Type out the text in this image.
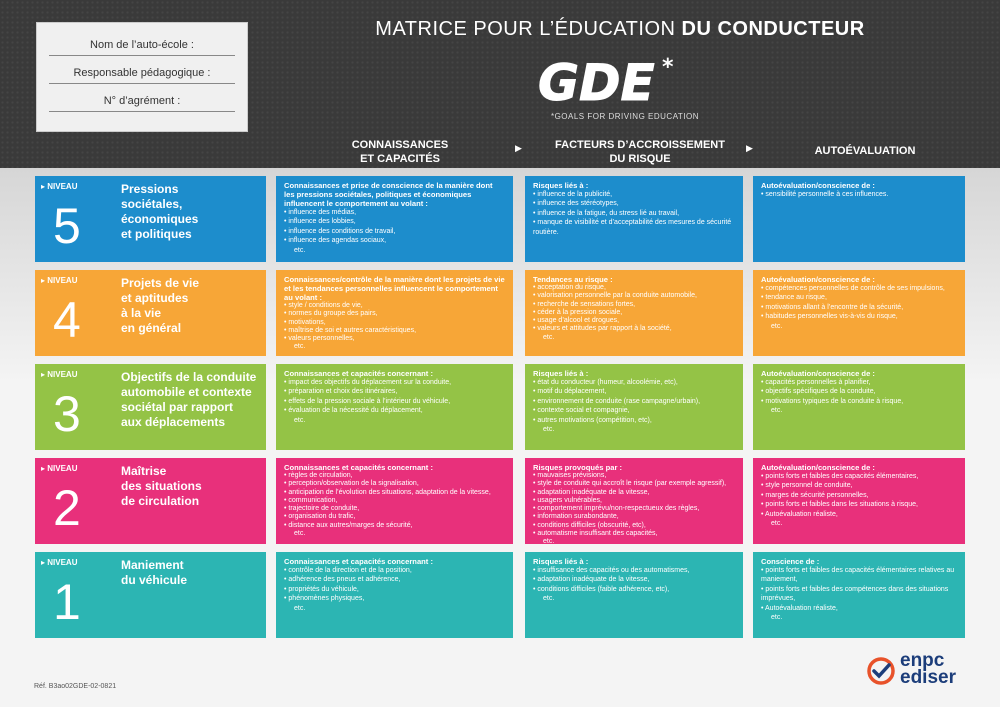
Nom de l’auto-école :
Responsable pédagogique :
N° d’agrément :
MATRICE POUR L’ÉDUCATION DU CONDUCTEUR
GDE *
*GOALS FOR DRIVING EDUCATION
CONNAISSANCES
ET CAPACITÉS
▶	FACTEURS D’ACCROISSEMENT
DU RISQUE
▶	AUTOÉVALUATION
▸ NIVEAU
5
Pressions
sociétales,
économiques
et politiques
Connaissances et prise de conscience de la manière dont les pressions sociétales, politiques et économiques influencent le comportement au volant :
• influence des médias,
• influence des lobbies,
• influence des conditions de travail,
• influence des agendas sociaux,
etc.
Risques liés à :
• influence de la publicité,
• influence des stéréotypes,
• influence de la fatigue, du stress lié au travail,
• manque de visibilité et d’acceptabilité des mesures de sécurité routière.
Autoévaluation/conscience de :
• sensibilité personnelle à ces influences.
▸ NIVEAU
4
Projets de vie
et aptitudes
à la vie
en général
Connaissances/contrôle de la manière dont les projets de vie et les tendances personnelles influencent le comportement au volant :
• style / conditions de vie,
• normes du groupe des pairs,
• motivations,
• maîtrise de soi et autres caractéristiques,
• valeurs personnelles,
etc.
Tendances au risque :
• acceptation du risque,
• valorisation personnelle par la conduite automobile,
• recherche de sensations fortes,
• céder à la pression sociale,
• usage d’alcool et drogues,
• valeurs et attitudes par rapport à la société,
etc.
Autoévaluation/conscience de :
• compétences personnelles de contrôle de ses impulsions,
• tendance au risque,
• motivations allant à l’encontre de la sécurité,
• habitudes personnelles vis-à-vis du risque,
etc.
▸ NIVEAU
3
Objectifs de la conduite
automobile et contexte
sociétal par rapport
aux déplacements
Connaissances et capacités concernant :
• impact des objectifs du déplacement sur la conduite,
• préparation et choix des itinéraires,
• effets de la pression sociale à l’intérieur du véhicule,
• évaluation de la nécessité du déplacement,
etc.
Risques liés à :
• état du conducteur (humeur, alcoolémie, etc),
• motif du déplacement,
• environnement de conduite (rase campagne/urbain),
• contexte social et compagnie,
• autres motivations (compétition, etc),
etc.
Autoévaluation/conscience de :
• capacités personnelles à planifier,
• objectifs spécifiques de la conduite,
• motivations typiques de la conduite à risque,
etc.
▸ NIVEAU
2
Maîtrise
des situations
de circulation
Connaissances et capacités concernant :
• règles de circulation,
• perception/observation de la signalisation,
• anticipation de l’évolution des situations, adaptation de la vitesse,
• communication,
• trajectoire de conduite,
• organisation du trafic,
• distance aux autres/marges de sécurité,
etc.
Risques provoqués par :
• mauvaises prévisions,
• style de conduite qui accroît le risque (par exemple agressif),
• adaptation inadéquate de la vitesse,
• usagers vulnérables,
• comportement imprévu/non-respectueux des règles,
• information surabondante,
• conditions difficiles (obscurité, etc),
• automatisme insuffisant des capacités,
etc.
Autoévaluation/conscience de :
• points forts et faibles des capacités élémentaires,
• style personnel de conduite,
• marges de sécurité personnelles,
• points forts et faibles dans les situations à risque,
• Autoévaluation réaliste,
etc.
▸ NIVEAU
1
Maniement
du véhicule
Connaissances et capacités concernant :
• contrôle de la direction et de la position,
• adhérence des pneus et adhérence,
• propriétés du véhicule,
• phénomènes physiques,
etc.
Risques liés à :
• insuffisance des capacités ou des automatismes,
• adaptation inadéquate de la vitesse,
• conditions difficiles (faible adhérence, etc),
etc.
Conscience de :
• points forts et faibles des capacités élémentaires relatives au maniement,
• points forts et faibles des compétences dans des situations imprévues,
• Autoévaluation réaliste,
etc.
Réf. B3ao02GDE-02-0821
enpc
ediser
